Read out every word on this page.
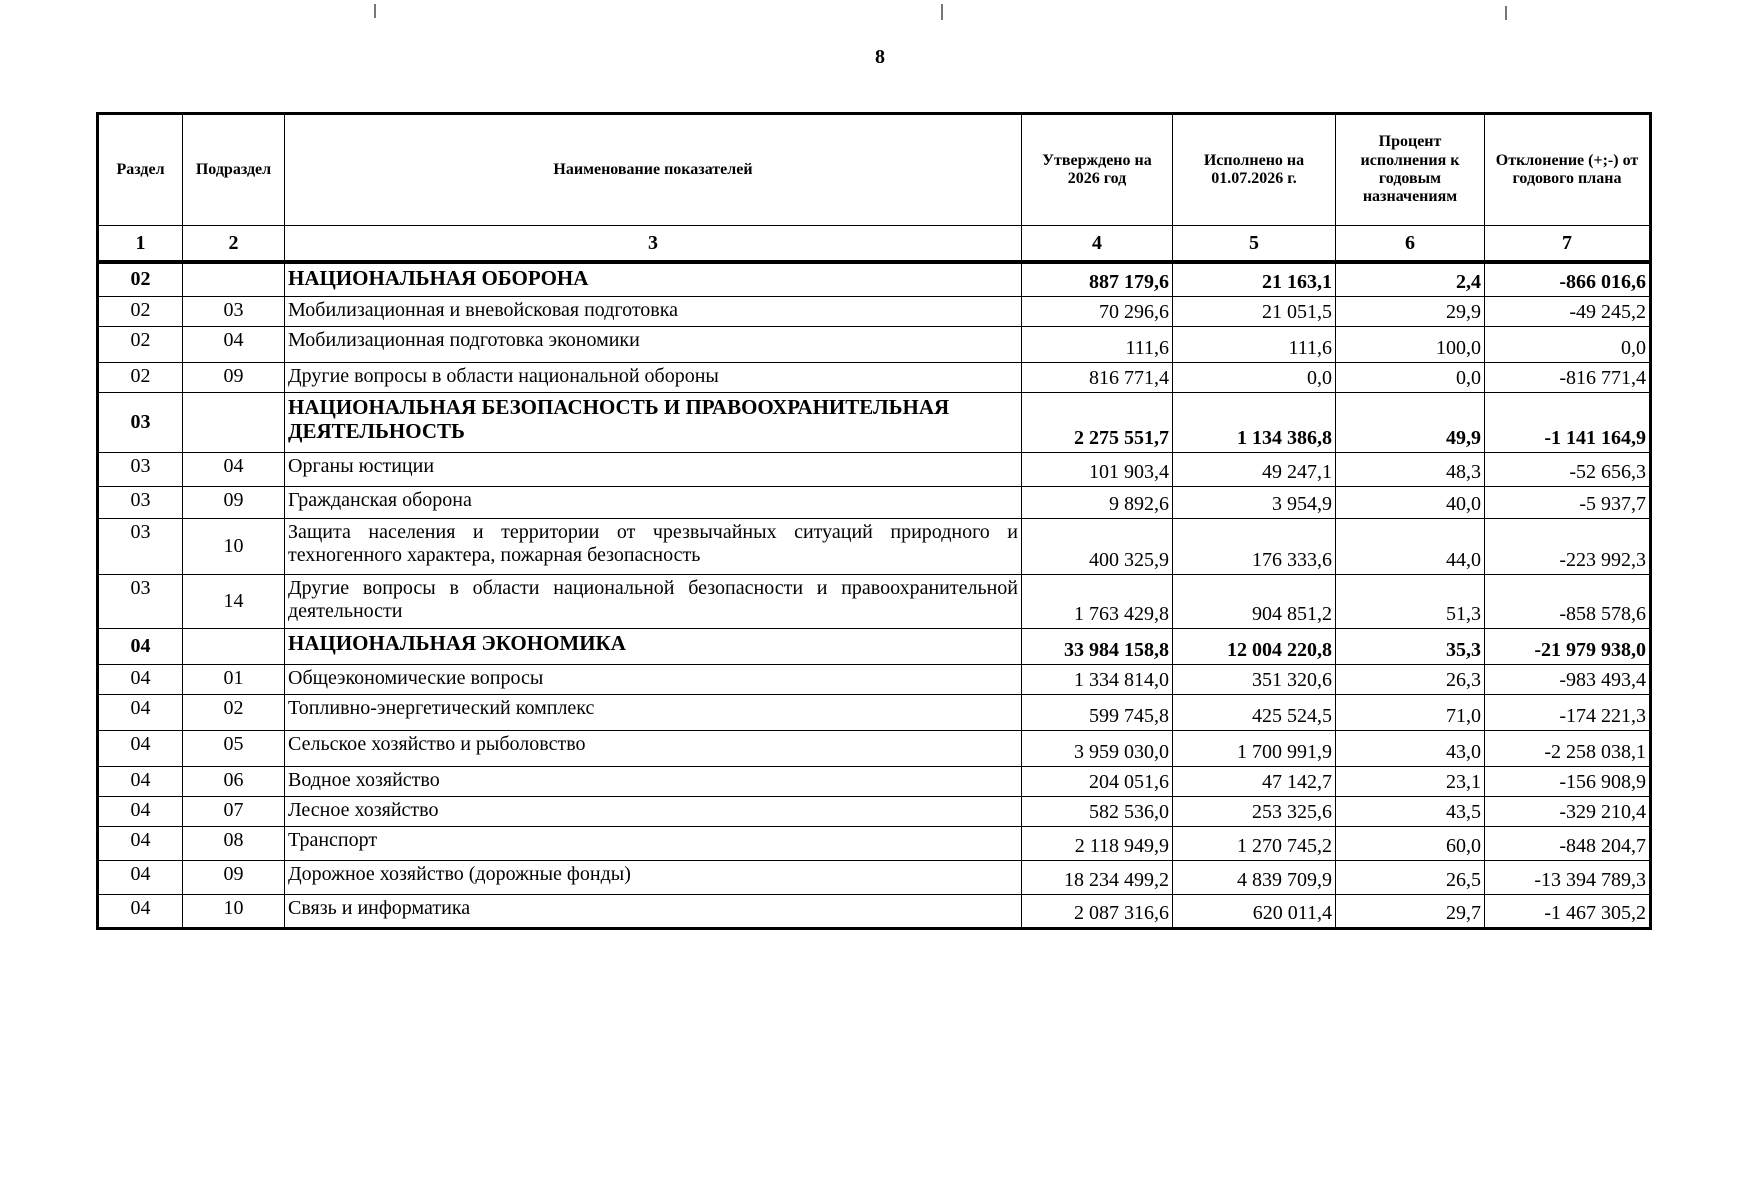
8
Раздел	Подраздел	Наименование показателей	Утверждено на 2026 год	Исполнено на 01.07.2026 г.	Процент исполнения к годовым назначениям	Отклонение (+;-) от годового плана
1	2	3	4	5	6	7
02		НАЦИОНАЛЬНАЯ ОБОРОНА	887 179,6	21 163,1	2,4	-866 016,6
02	03	Мобилизационная и вневойсковая подготовка	70 296,6	21 051,5	29,9	-49 245,2
02	04	Мобилизационная подготовка экономики	111,6	111,6	100,0	0,0
02	09	Другие вопросы в области национальной обороны	816 771,4	0,0	0,0	-816 771,4
03		НАЦИОНАЛЬНАЯ БЕЗОПАСНОСТЬ И ПРАВООХРАНИТЕЛЬНАЯ ДЕЯТЕЛЬНОСТЬ	2 275 551,7	1 134 386,8	49,9	-1 141 164,9
03	04	Органы юстиции	101 903,4	49 247,1	48,3	-52 656,3
03	09	Гражданская оборона	9 892,6	3 954,9	40,0	-5 937,7
03	10	Защита населения и территории от чрезвычайных ситуаций природного и техногенного характера, пожарная безопасность	400 325,9	176 333,6	44,0	-223 992,3
03	14	Другие вопросы в области национальной безопасности и правоохранительной деятельности	1 763 429,8	904 851,2	51,3	-858 578,6
04		НАЦИОНАЛЬНАЯ ЭКОНОМИКА	33 984 158,8	12 004 220,8	35,3	-21 979 938,0
04	01	Общеэкономические вопросы	1 334 814,0	351 320,6	26,3	-983 493,4
04	02	Топливно-энергетический комплекс	599 745,8	425 524,5	71,0	-174 221,3
04	05	Сельское хозяйство и рыболовство	3 959 030,0	1 700 991,9	43,0	-2 258 038,1
04	06	Водное хозяйство	204 051,6	47 142,7	23,1	-156 908,9
04	07	Лесное хозяйство	582 536,0	253 325,6	43,5	-329 210,4
04	08	Транспорт	2 118 949,9	1 270 745,2	60,0	-848 204,7
04	09	Дорожное хозяйство (дорожные фонды)	18 234 499,2	4 839 709,9	26,5	-13 394 789,3
04	10	Связь и информатика	2 087 316,6	620 011,4	29,7	-1 467 305,2
